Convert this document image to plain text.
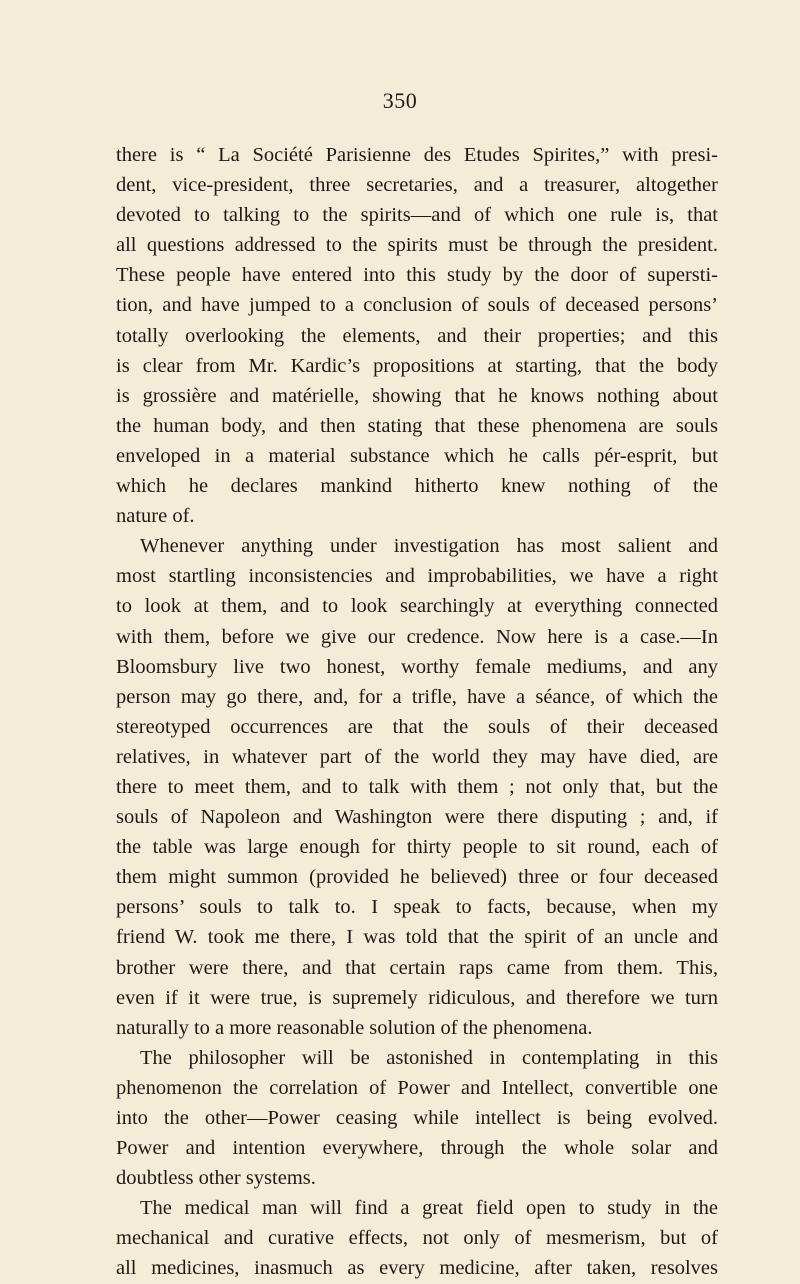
350
there is “ La Société Parisienne des Etudes Spirites,” with presi-
dent, vice-president, three secretaries, and a treasurer, altogether
devoted to talking to the spirits—and of which one rule is, that
all questions addressed to the spirits must be through the president.
These people have entered into this study by the door of supersti-
tion, and have jumped to a conclusion of souls of deceased persons’
totally overlooking the elements, and their properties; and this
is clear from Mr. Kardic’s propositions at starting, that the body
is grossière and matérielle, showing that he knows nothing about
the human body, and then stating that these phenomena are souls
enveloped in a material substance which he calls pér-esprit, but
which he declares mankind hitherto knew nothing of the
nature of.
Whenever anything under investigation has most salient and
most startling inconsistencies and improbabilities, we have a right
to look at them, and to look searchingly at everything connected
with them, before we give our credence. Now here is a case.—In
Bloomsbury live two honest, worthy female mediums, and any
person may go there, and, for a trifle, have a séance, of which the
stereotyped occurrences are that the souls of their deceased
relatives, in whatever part of the world they may have died, are
there to meet them, and to talk with them ; not only that, but the
souls of Napoleon and Washington were there disputing ; and, if
the table was large enough for thirty people to sit round, each of
them might summon (provided he believed) three or four deceased
persons’ souls to talk to. I speak to facts, because, when my
friend W. took me there, I was told that the spirit of an uncle and
brother were there, and that certain raps came from them. This,
even if it were true, is supremely ridiculous, and therefore we turn
naturally to a more reasonable solution of the phenomena.
The philosopher will be astonished in contemplating in this
phenomenon the correlation of Power and Intellect, convertible one
into the other—Power ceasing while intellect is being evolved.
Power and intention everywhere, through the whole solar and
doubtless other systems.
The medical man will find a great field open to study in the
mechanical and curative effects, not only of mesmerism, but of
all medicines, inasmuch as every medicine, after taken, resolves
